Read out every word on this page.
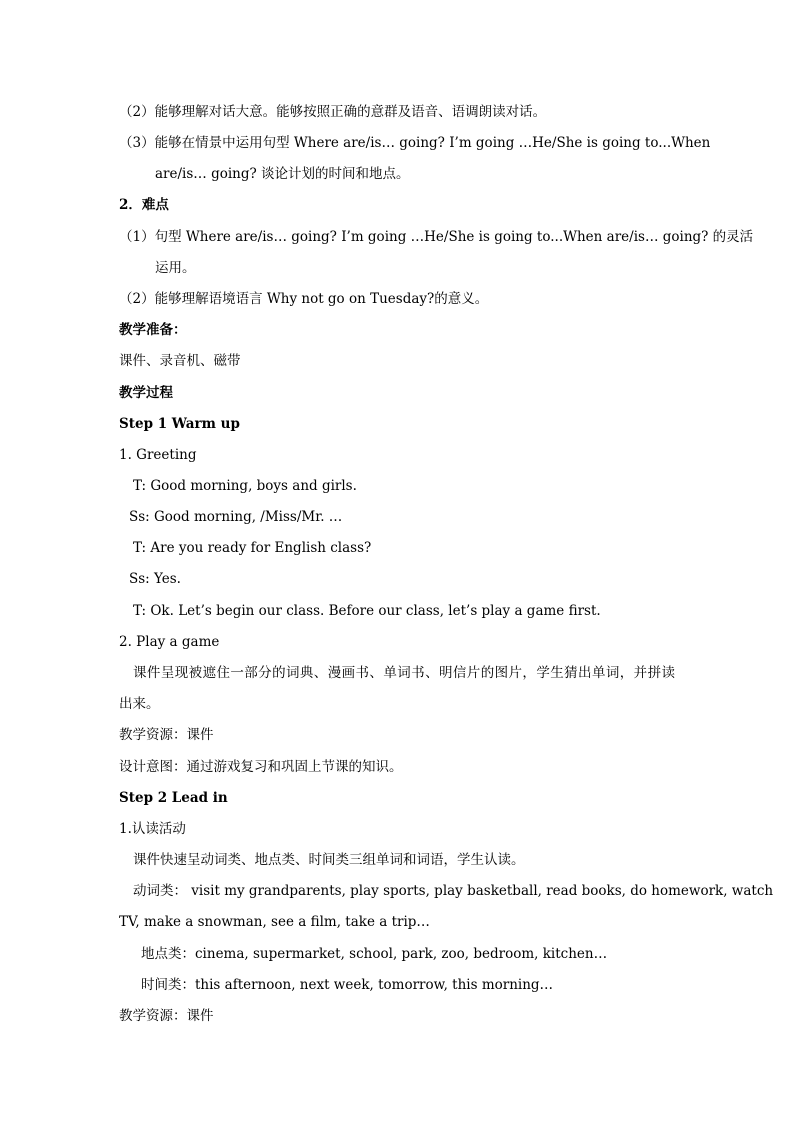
（2）能够理解对话大意。能够按照正确的意群及语音、语调朗读对话。
（3）能够在情景中运用句型 Where are/is… going? I’m going …He/She is going to...When
are/is… going? 谈论计划的时间和地点。
2．难点
（1）句型 Where are/is… going? I’m going …He/She is going to...When are/is… going? 的灵活
运用。
（2）能够理解语境语言 Why not go on Tuesday?的意义。
教学准备：
课件、录音机、磁带
教学过程
Step 1 Warm up
1. Greeting
T: Good morning, boys and girls.
Ss: Good morning, /Miss/Mr. …
T: Are you ready for English class?
Ss: Yes.
T: Ok. Let’s begin our class. Before our class, let’s play a game first.
2. Play a game
课件呈现被遮住一部分的词典、漫画书、单词书、明信片的图片，学生猜出单词，并拼读
出来。
教学资源：课件
设计意图：通过游戏复习和巩固上节课的知识。
Step 2 Lead in
1.认读活动
课件快速呈动词类、地点类、时间类三组单词和词语，学生认读。
动词类： visit my grandparents, play sports, play basketball, read books, do homework, watch
TV, make a snowman, see a film, take a trip…
地点类：cinema, supermarket, school, park, zoo, bedroom, kitchen…
时间类：this afternoon, next week, tomorrow, this morning…
教学资源：课件
